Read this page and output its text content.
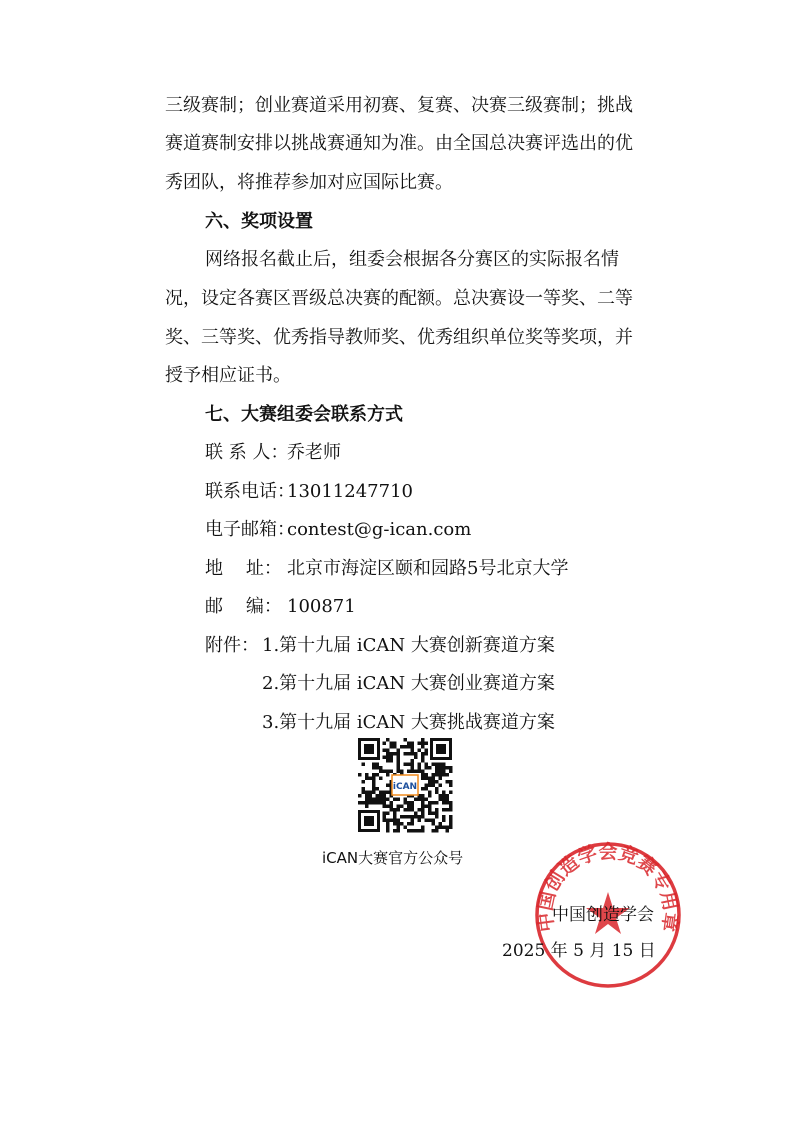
三级赛制；创业赛道采用初赛、复赛、决赛三级赛制；挑战
赛道赛制安排以挑战赛通知为准。由全国总决赛评选出的优
秀团队，将推荐参加对应国际比赛。
六、奖项设置
网络报名截止后，组委会根据各分赛区的实际报名情
况，设定各赛区晋级总决赛的配额。总决赛设一等奖、二等
奖、三等奖、优秀指导教师奖、优秀组织单位奖等奖项，并
授予相应证书。
七、大赛组委会联系方式
联 系 人：乔老师
联系电话：13011247710
电子邮箱：contest@g-ican.com
地    址： 北京市海淀区颐和园路5号北京大学
邮    编： 100871
附件： 1.第十九届 iCAN 大赛创新赛道方案
2.第十九届 iCAN 大赛创业赛道方案
3.第十九届 iCAN 大赛挑战赛道方案
iCAN
iCAN大赛官方公众号
中国创造学会竞赛专用章
中国创造学会
2025 年 5 月 15 日
